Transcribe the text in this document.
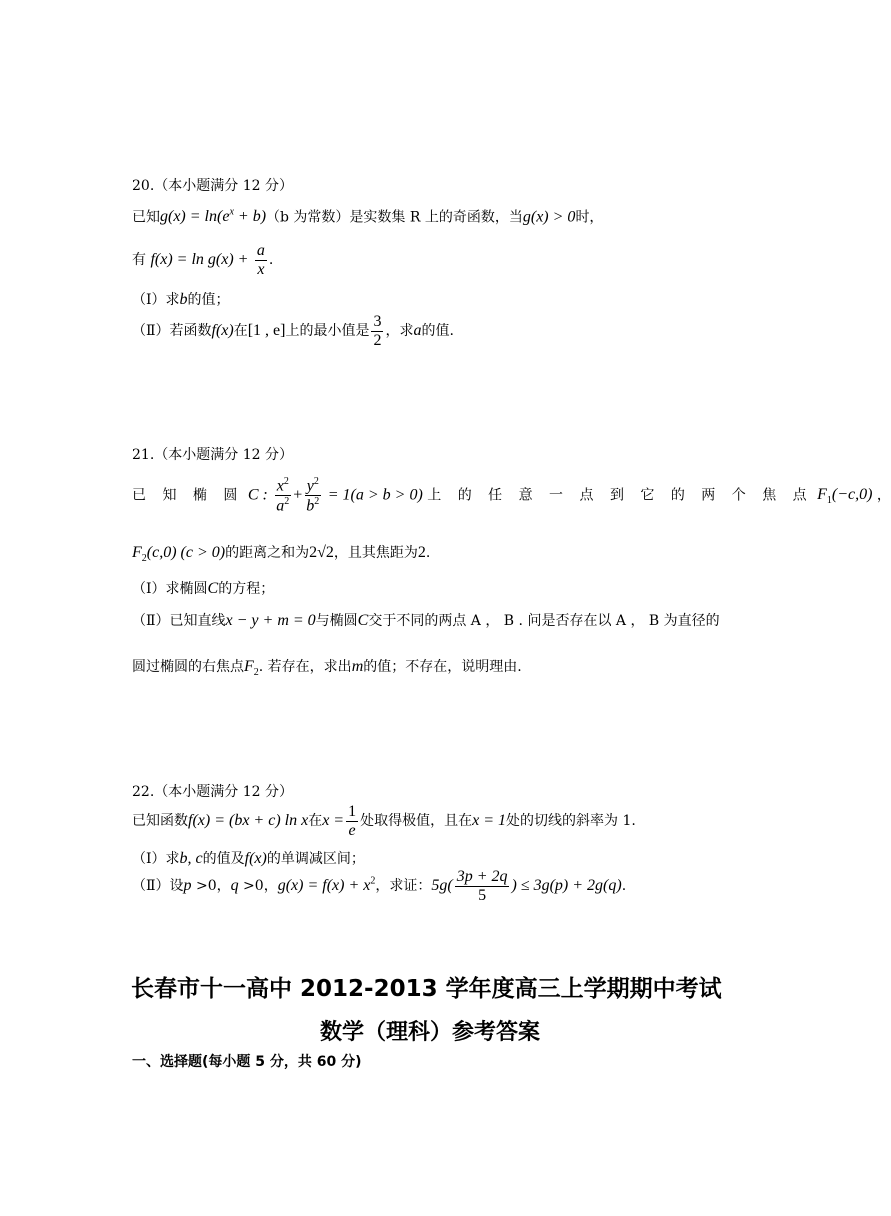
20.（本小题满分 12 分）
已知$g(x) = \ln(e^x + b)(b$ 为常数）是实数集 R 上的奇函数，当g(x) > 0时，
有 $f(x) = \ln g(x) + \frac{a}{x}$ .
（Ⅰ）求b的值；
（Ⅱ）若函数f(x)在[1 , e]上的最小值是 $\frac{3}{2}$ ，求a的值.
21.（本小题满分 12 分）
已 知 椭 圆 C : $\frac{x^2}{a^2} + \frac{y^2}{b^2} = 1(a > b > 0)$ 上 的 任 意 一 点 到 它 的 两 个 焦 点 $F_1(-c,0)$ ，
$F_2(c,0) (c > 0)$的距离之和为2√2，且其焦距为2.
（Ⅰ）求椭圆C的方程；
（Ⅱ）已知直线x − y + m = 0与椭圆C交于不同的两点 A ， B . 问是否存在以 A ， B 为直径的
圆过椭圆的右焦点$F_2$. 若存在，求出m的值；不存在，说明理由.
22.（本小题满分 12 分）
已知函数f(x) = (bx + c) ln x在$x = \frac{1}{e}$ 处取得极值，且在x = 1处的切线的斜率为 1.
（Ⅰ）求b, c的值及f(x)的单调减区间；
（Ⅱ）设p >0，q >0，$g(x) = f(x) + x^2$，求证：$5g( \frac{3p + 2q}{5}$ ) ≤ 3g(p) + 2g(q).
长春市十一高中 2012-2013 学年度高三上学期期中考试
数学（理科）参考答案
一、选择题(每小题 5 分，共 60 分)
